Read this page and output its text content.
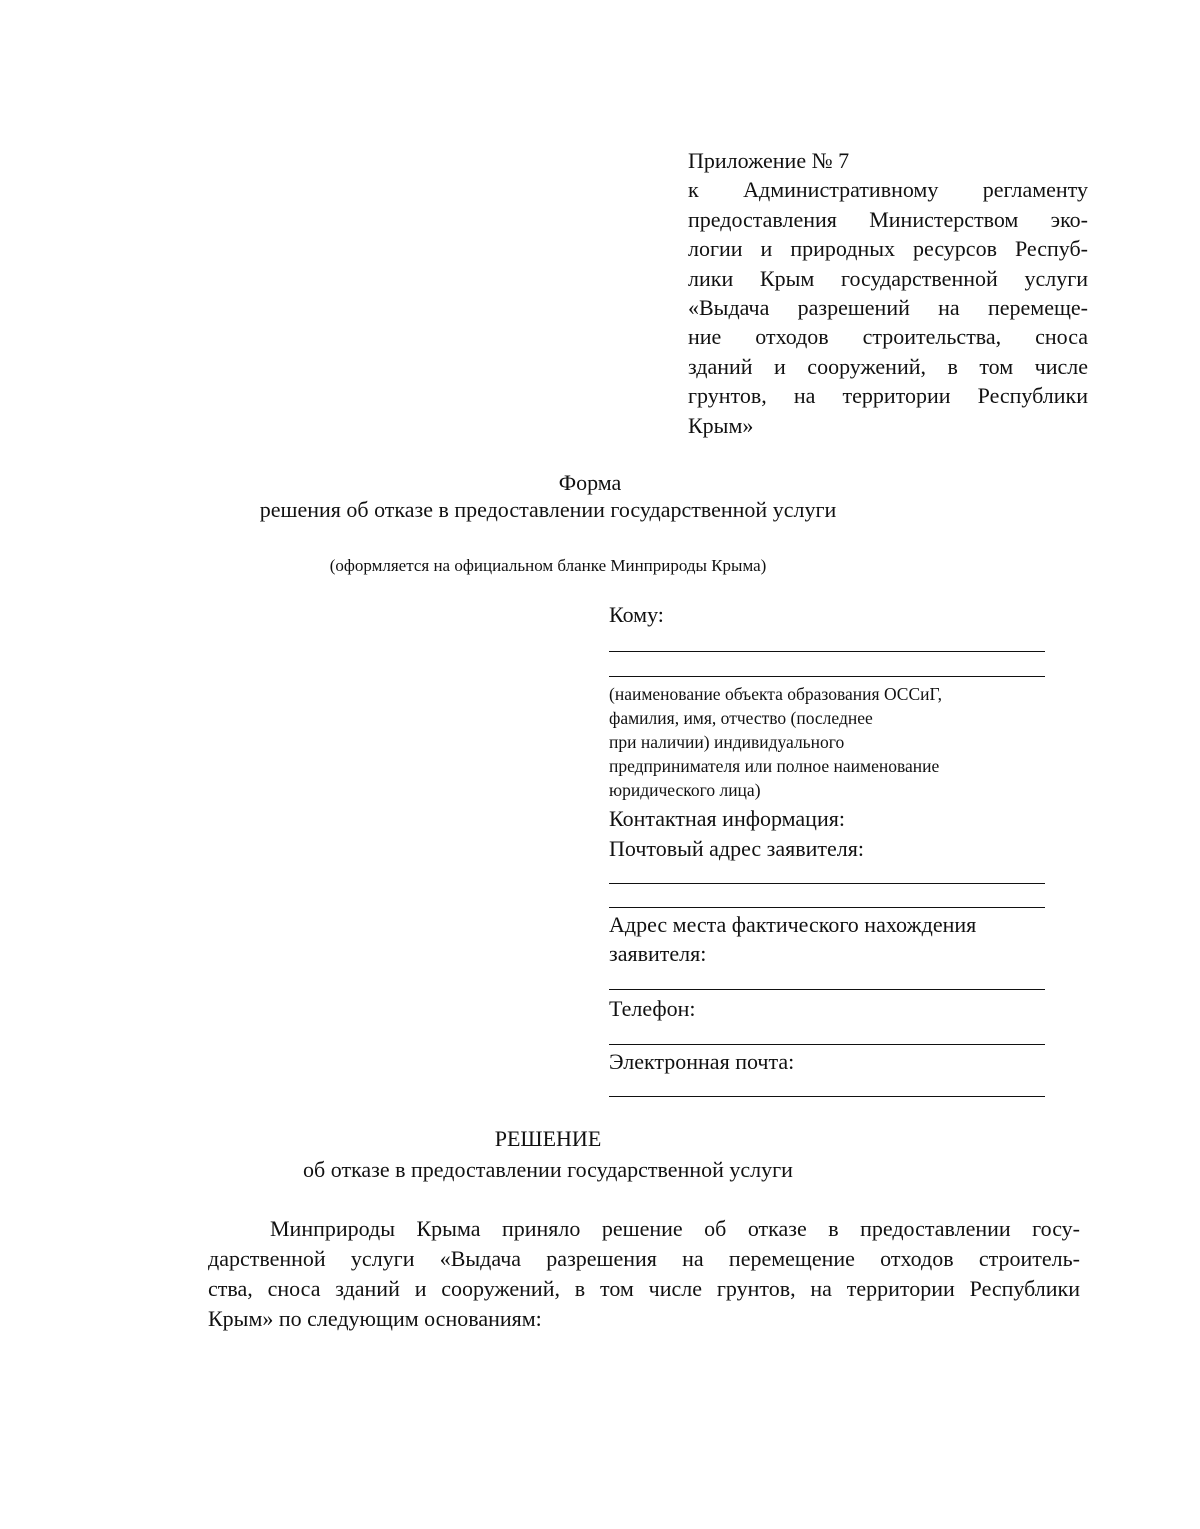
Приложение № 7
к Административному регламенту
предоставления Министерством эко-
логии и природных ресурсов Респуб-
лики Крым государственной услуги
«Выдача разрешений на перемеще-
ние отходов строительства, сноса
зданий и сооружений, в том числе
грунтов, на территории Республики
Крым»
Форма
решения об отказе в предоставлении государственной услуги
(оформляется на официальном бланке Минприроды Крыма)
Кому:
(наименование объекта образования ОССиГ,
фамилия, имя, отчество (последнее
при наличии) индивидуального
предпринимателя или полное наименование
юридического лица)
Контактная информация:
Почтовый адрес заявителя:
Адрес места фактического нахождения
заявителя:
Телефон:
Электронная почта:
РЕШЕНИЕ
об отказе в предоставлении государственной услуги
Минприроды Крыма приняло решение об отказе в предоставлении госу-
дарственной услуги «Выдача разрешения на перемещение отходов строитель-
ства, сноса зданий и сооружений, в том числе грунтов, на территории Республики
Крым» по следующим основаниям:
